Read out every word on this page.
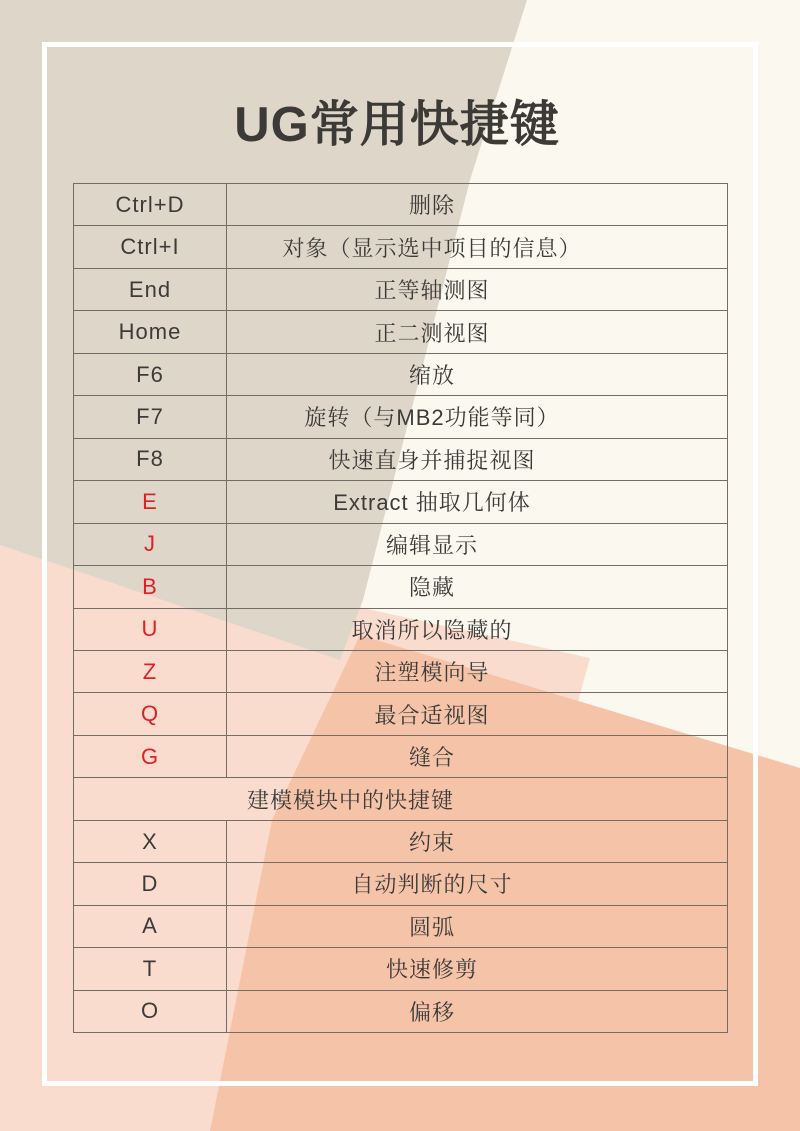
UG常用快捷键
Ctrl+D	删除
Ctrl+I	对象（显示选中项目的信息）
End	正等轴测图
Home	正二测视图
F6	缩放
F7	旋转（与MB2功能等同）
F8	快速直身并捕捉视图
E	Extract 抽取几何体
J	编辑显示
B	隐藏
U	取消所以隐藏的
Z	注塑模向导
Q	最合适视图
G	缝合
建模模块中的快捷键
X	约束
D	自动判断的尺寸
A	圆弧
T	快速修剪
O	偏移
